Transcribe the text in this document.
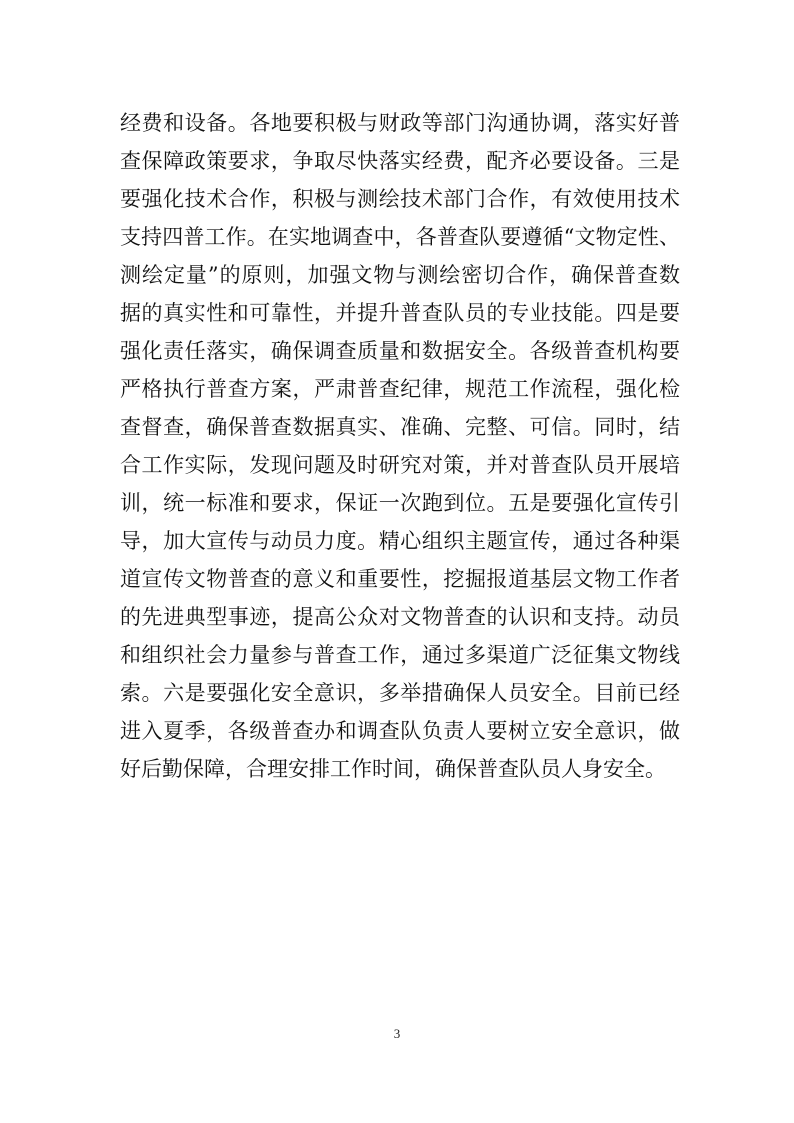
经费和设备。各地要积极与财政等部门沟通协调，落实好普
查保障政策要求，争取尽快落实经费，配齐必要设备。三是
要强化技术合作，积极与测绘技术部门合作，有效使用技术
支持四普工作。在实地调查中，各普查队要遵循“文物定性、
测绘定量”的原则，加强文物与测绘密切合作，确保普查数
据的真实性和可靠性，并提升普查队员的专业技能。四是要
强化责任落实，确保调查质量和数据安全。各级普查机构要
严格执行普查方案，严肃普查纪律，规范工作流程，强化检
查督查，确保普查数据真实、准确、完整、可信。同时，结
合工作实际，发现问题及时研究对策，并对普查队员开展培
训，统一标准和要求，保证一次跑到位。五是要强化宣传引
导，加大宣传与动员力度。精心组织主题宣传，通过各种渠
道宣传文物普查的意义和重要性，挖掘报道基层文物工作者
的先进典型事迹，提高公众对文物普查的认识和支持。动员
和组织社会力量参与普查工作，通过多渠道广泛征集文物线
索。六是要强化安全意识，多举措确保人员安全。目前已经
进入夏季，各级普查办和调查队负责人要树立安全意识，做
好后勤保障，合理安排工作时间，确保普查队员人身安全。
3
